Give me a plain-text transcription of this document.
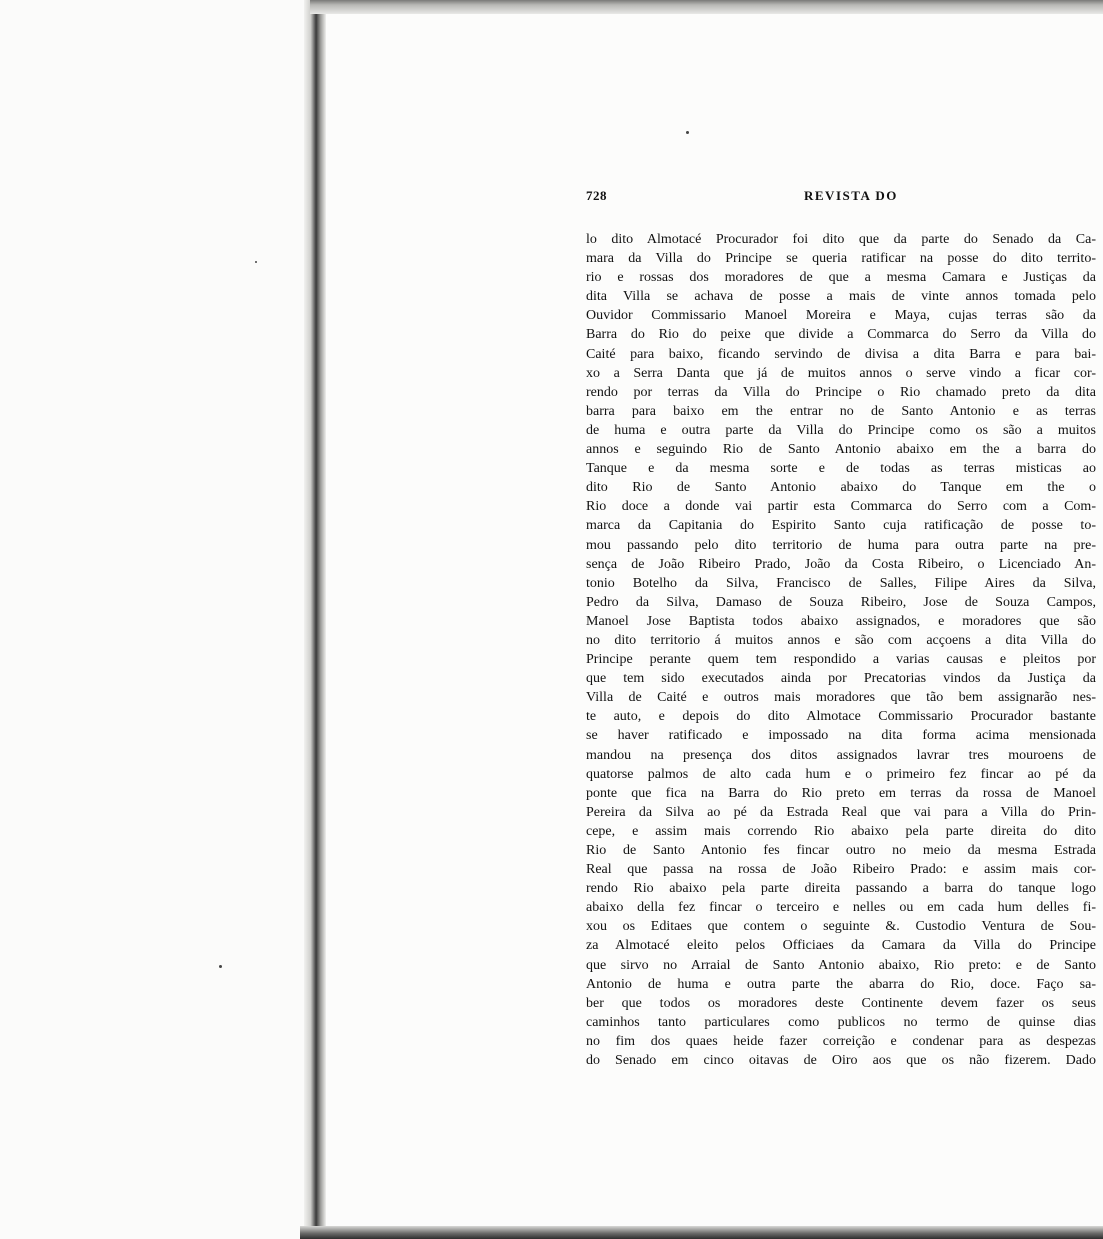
728	REVISTA DO
lo dito Almotacé Procurador foi dito que da parte do Senado da Ca-
mara da Villa do Principe se queria ratificar na posse do dito territo-
rio e rossas dos moradores de que a mesma Camara e Justiças da
dita Villa se achava de posse a mais de vinte annos tomada pelo
Ouvidor Commissario Manoel Moreira e Maya, cujas terras são da
Barra do Rio do peixe que divide a Commarca do Serro da Villa do
Caité para baixo, ficando servindo de divisa a dita Barra e para bai-
xo a Serra Danta que já de muitos annos o serve vindo a ficar cor-
rendo por terras da Villa do Principe o Rio chamado preto da dita
barra para baixo em the entrar no de Santo Antonio e as terras
de huma e outra parte da Villa do Principe como os são a muitos
annos e seguindo Rio de Santo Antonio abaixo em the a barra do
Tanque e da mesma sorte e de todas as terras misticas ao
dito Rio de Santo Antonio abaixo do Tanque em the o
Rio doce a donde vai partir esta Commarca do Serro com a Com-
marca da Capitania do Espirito Santo cuja ratificação de posse to-
mou passando pelo dito territorio de huma para outra parte na pre-
sença de João Ribeiro Prado, João da Costa Ribeiro, o Licenciado An-
tonio Botelho da Silva, Francisco de Salles, Filipe Aires da Silva,
Pedro da Silva, Damaso de Souza Ribeiro, Jose de Souza Campos,
Manoel Jose Baptista todos abaixo assignados, e moradores que são
no dito territorio á muitos annos e são com acçoens a dita Villa do
Principe perante quem tem respondido a varias causas e pleitos por
que tem sido executados ainda por Precatorias vindos da Justiça da
Villa de Caité e outros mais moradores que tão bem assignarão nes-
te auto, e depois do dito Almotace Commissario Procurador bastante
se haver ratificado e impossado na dita forma acima mensionada
mandou na presença dos ditos assignados lavrar tres mouroens de
quatorse palmos de alto cada hum e o primeiro fez fincar ao pé da
ponte que fica na Barra do Rio preto em terras da rossa de Manoel
Pereira da Silva ao pé da Estrada Real que vai para a Villa do Prin-
cepe, e assim mais correndo Rio abaixo pela parte direita do dito
Rio de Santo Antonio fes fincar outro no meio da mesma Estrada
Real que passa na rossa de João Ribeiro Prado: e assim mais cor-
rendo Rio abaixo pela parte direita passando a barra do tanque logo
abaixo della fez fincar o terceiro e nelles ou em cada hum delles fi-
xou os Editaes que contem o seguinte &. Custodio Ventura de Sou-
za Almotacé eleito pelos Officiaes da Camara da Villa do Principe
que sirvo no Arraial de Santo Antonio abaixo, Rio preto: e de Santo
Antonio de huma e outra parte the abarra do Rio, doce. Faço sa-
ber que todos os moradores deste Continente devem fazer os seus
caminhos tanto particulares como publicos no termo de quinse dias
no fim dos quaes heide fazer correição e condenar para as despezas
do Senado em cinco oitavas de Oiro aos que os não fizerem. Dado
